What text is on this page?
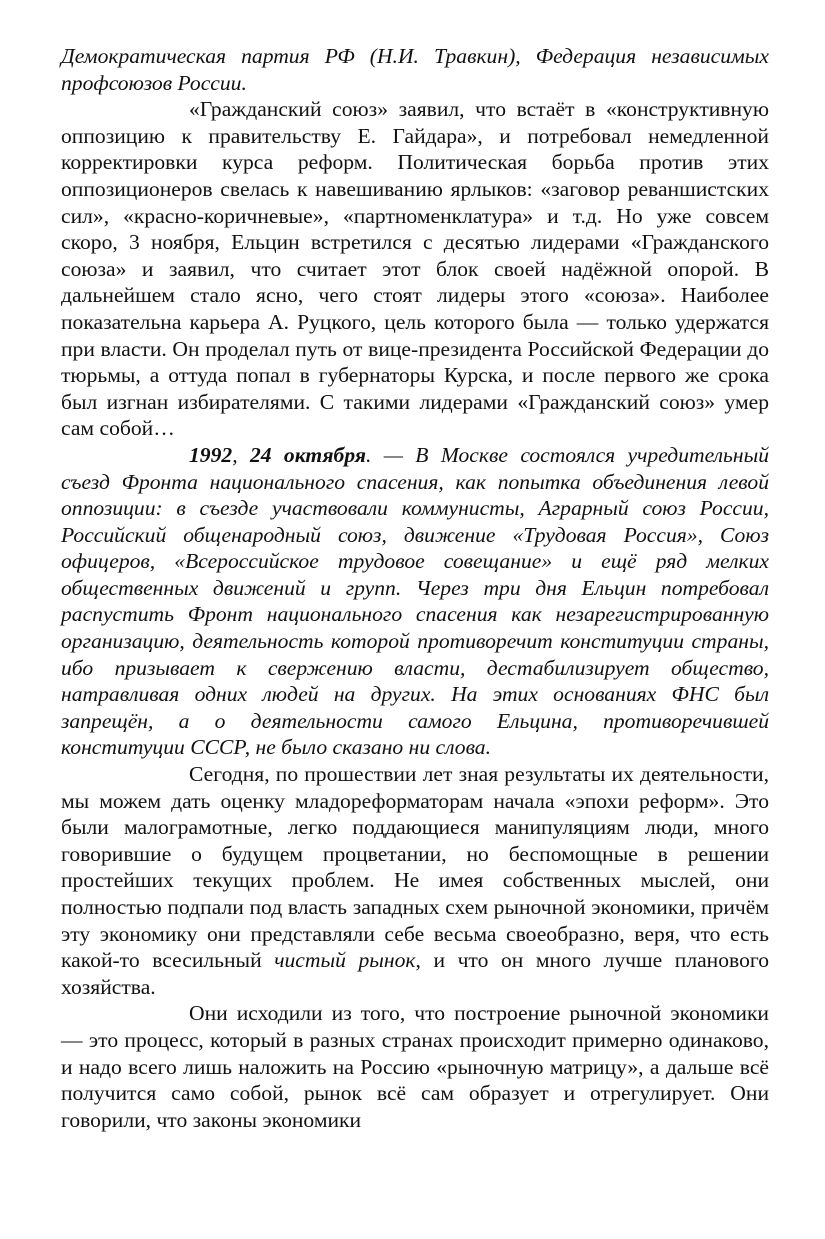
Демократическая партия РФ (Н.И. Травкин), Федерация независимых профсоюзов России.

«Гражданский союз» заявил, что встаёт в «конструктивную оппозицию к правительству Е. Гайдара», и потребовал немедленной корректировки курса реформ. Политическая борьба против этих оппозиционеров свелась к навешиванию ярлыков: «заговор реваншистских сил», «красно-коричневые», «партноменклатура» и т.д. Но уже совсем скоро, 3 ноября, Ельцин встретился с десятью лидерами «Гражданского союза» и заявил, что считает этот блок своей надёжной опорой. В дальнейшем стало ясно, чего стоят лидеры этого «союза». Наиболее показательна карьера А. Руцкого, цель которого была — только удержатся при власти. Он проделал путь от вице-президента Российской Федерации до тюрьмы, а оттуда попал в губернаторы Курска, и после первого же срока был изгнан избирателями. С такими лидерами «Гражданский союз» умер сам собой…

1992, 24 октября. — В Москве состоялся учредительный съезд Фронта национального спасения, как попытка объединения левой оппозиции: в съезде участвовали коммунисты, Аграрный союз России, Российский общенародный союз, движение «Трудовая Россия», Союз офицеров, «Всероссийское трудовое совещание» и ещё ряд мелких общественных движений и групп. Через три дня Ельцин потребовал распустить Фронт национального спасения как незарегистрированную организацию, деятельность которой противоречит конституции страны, ибо призывает к свержению власти, дестабилизирует общество, натравливая одних людей на других. На этих основаниях ФНС был запрещён, а о деятельности самого Ельцина, противоречившей конституции СССР, не было сказано ни слова.

Сегодня, по прошествии лет зная результаты их деятельности, мы можем дать оценку младореформаторам начала «эпохи реформ». Это были малограмотные, легко поддающиеся манипуляциям люди, много говорившие о будущем процветании, но беспомощные в решении простейших текущих проблем. Не имея собственных мыслей, они полностью подпали под власть западных схем рыночной экономики, причём эту экономику они представляли себе весьма своеобразно, веря, что есть какой-то всесильный чистый рынок, и что он много лучше планового хозяйства.

Они исходили из того, что построение рыночной экономики — это процесс, который в разных странах происходит примерно одинаково, и надо всего лишь наложить на Россию «рыночную матрицу», а дальше всё получится само собой, рынок всё сам образует и отрегулирует. Они говорили, что законы экономики
